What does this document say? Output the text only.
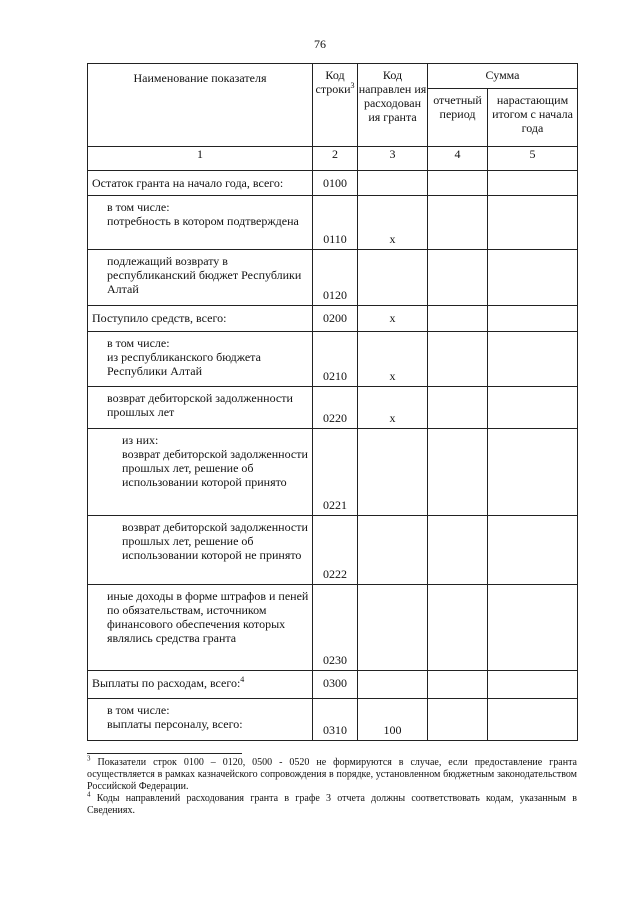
76
Наименование показателя	Код строки$^3$	Код направлен ия расходован ия гранта	Сумма	
			отчетный период	нарастающим итогом с начала года
1	2	3	4	5

Остаток гранта на начало года, всего:	0100			

в том числе:
потребность в котором подтверждена	0110	x		

подлежащий возврату в республиканский бюджет Республики Алтай	0120			

Поступило средств, всего:	0200	x		

в том числе:
из республиканского бюджета Республики Алтай	0210	x		

возврат дебиторской задолженности прошлых лет	0220	x		

из них:
возврат дебиторской задолженности прошлых лет, решение об использовании которой принято	0221			

возврат дебиторской задолженности прошлых лет, решение об использовании которой не принято	0222			

иные доходы в форме штрафов и пеней по обязательствам, источником финансового обеспечения которых являлись средства гранта	0230			

Выплаты по расходам, всего:$^4$	0300			

в том числе:
выплаты персоналу, всего:	0310	100		

$^3$ Показатели строк 0100 – 0120, 0500 - 0520 не формируются в случае, если предоставление гранта осуществляется в рамках казначейского сопровождения в порядке, установленном бюджетным законодательством Российской Федерации.
$^4$ Коды направлений расходования гранта в графе 3 отчета должны соответствовать кодам, указанным в Сведениях.
